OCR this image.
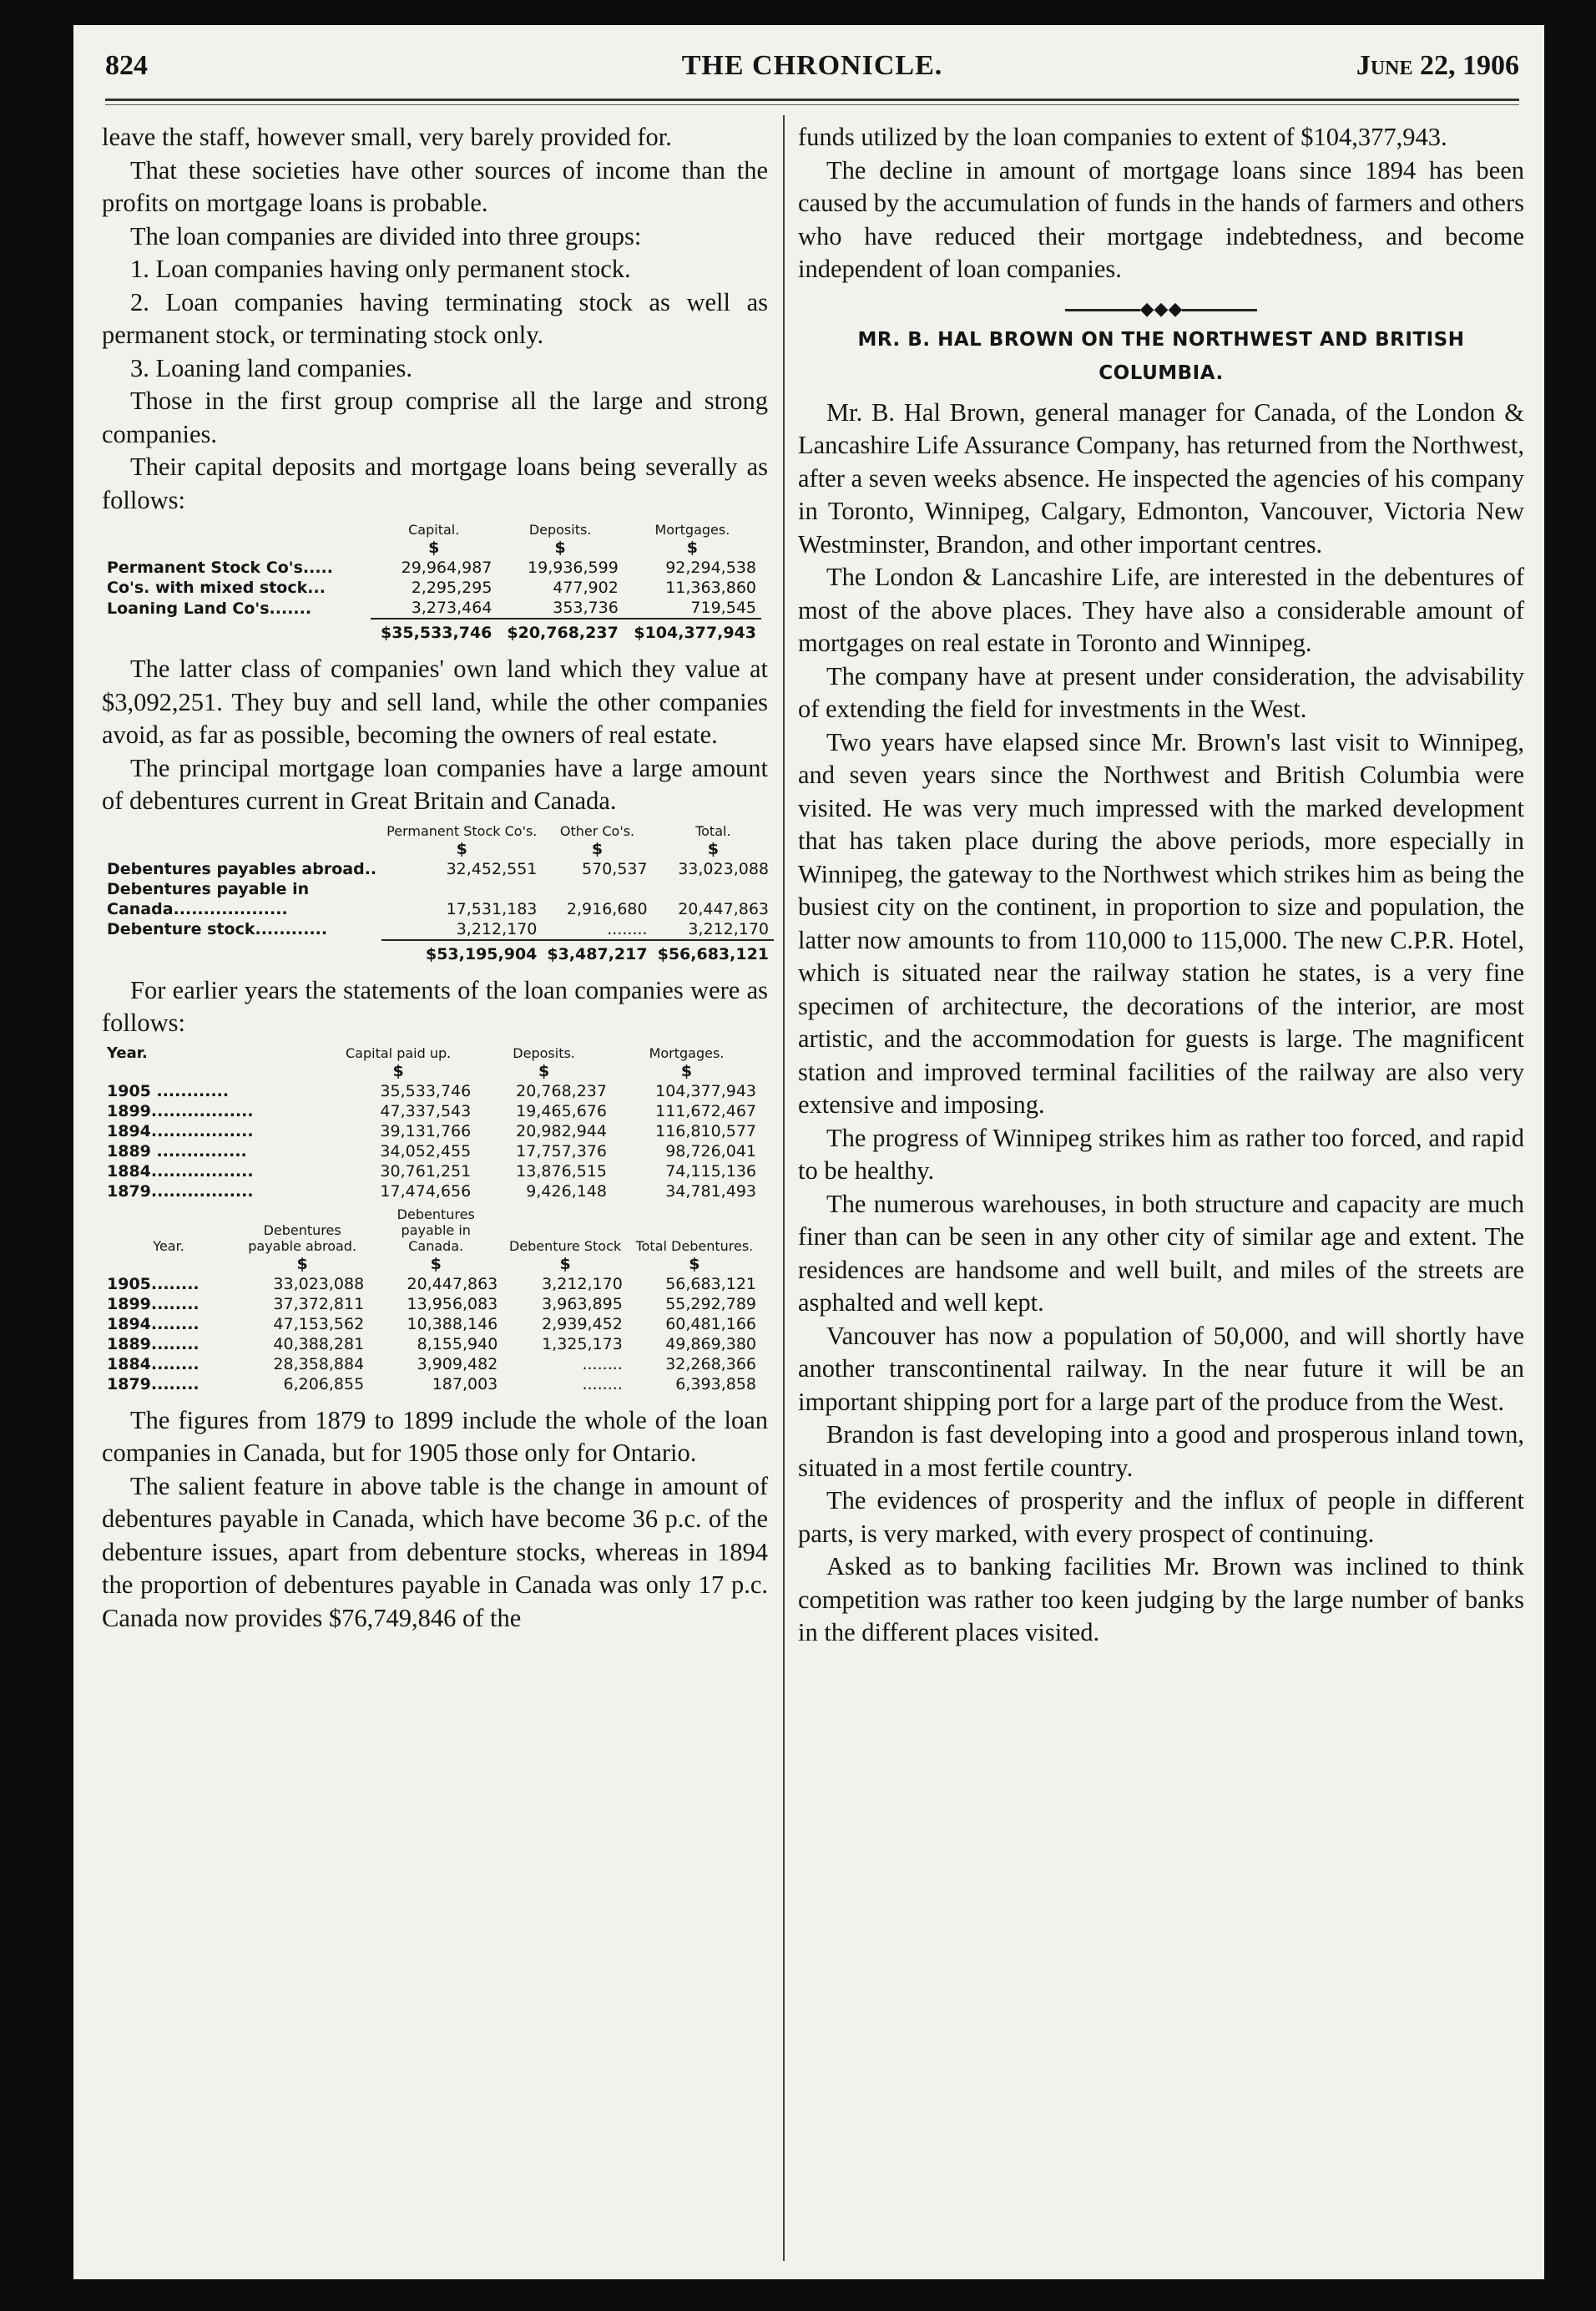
824	THE CHRONICLE.	June 22, 1906

leave the staff, however small, very barely provided for.

That these societies have other sources of income than the profits on mortgage loans is probable.

The loan companies are divided into three groups:

1. Loan companies having only permanent stock.

2. Loan companies having terminating stock as well as permanent stock, or terminating stock only.

3. Loaning land companies.

Those in the first group comprise all the large and strong companies.

Their capital deposits and mortgage loans being severally as follows:

	Capital.	Deposits.	Mortgages.
	$	$	$
Permanent Stock Co's.....	29,964,987	19,936,599	92,294,538
Co's. with mixed stock...	2,295,295	477,902	11,363,860
Loaning Land Co's.......	3,273,464	353,736	719,545
	$35,533,746	$20,768,237	$104,377,943

The latter class of companies' own land which they value at $3,092,251. They buy and sell land, while the other companies avoid, as far as possible, becoming the owners of real estate.

The principal mortgage loan companies have a large amount of debentures current in Great Britain and Canada.

	Permanent Stock Co's.	Other Co's.	Total.
	$	$	$
Debentures payables abroad..	32,452,551	570,537	33,023,088
Debentures payable in Canada...................	17,531,183	2,916,680	20,447,863
Debenture stock............	3,212,170	........	3,212,170
	$53,195,904	$3,487,217	$56,683,121

For earlier years the statements of the loan companies were as follows:

Year.	Capital paid up.	Deposits.	Mortgages.
	$	$	$
1905 ............	35,533,746	20,768,237	104,377,943
1899.................	47,337,543	19,465,676	111,672,467
1894.................	39,131,766	20,982,944	116,810,577
1889 ...............	34,052,455	17,757,376	98,726,041
1884.................	30,761,251	13,876,515	74,115,136
1879.................	17,474,656	9,426,148	34,781,493
Year.	Debentures payable abroad.	Debentures payable in Canada.	Debenture Stock	Total Debentures.
	$	$	$	$
1905........	33,023,088	20,447,863	3,212,170	56,683,121
1899........	37,372,811	13,956,083	3,963,895	55,292,789
1894........	47,153,562	10,388,146	2,939,452	60,481,166
1889........	40,388,281	8,155,940	1,325,173	49,869,380
1884........	28,358,884	3,909,482	........	32,268,366
1879........	6,206,855	187,003	........	6,393,858

The figures from 1879 to 1899 include the whole of the loan companies in Canada, but for 1905 those only for Ontario.

The salient feature in above table is the change in amount of debentures payable in Canada, which have become 36 p.c. of the debenture issues, apart from debenture stocks, whereas in 1894 the proportion of debentures payable in Canada was only 17 p.c. Canada now provides $76,749,846 of the

funds utilized by the loan companies to extent of $104,377,943.

The decline in amount of mortgage loans since 1894 has been caused by the accumulation of funds in the hands of farmers and others who have reduced their mortgage indebtedness, and become independent of loan companies.

◆◆◆
MR. B. HAL BROWN ON THE NORTHWEST AND BRITISH COLUMBIA.

Mr. B. Hal Brown, general manager for Canada, of the London & Lancashire Life Assurance Company, has returned from the Northwest, after a seven weeks absence. He inspected the agencies of his company in Toronto, Winnipeg, Calgary, Edmonton, Vancouver, Victoria New Westminster, Brandon, and other important centres.

The London & Lancashire Life, are interested in the debentures of most of the above places. They have also a considerable amount of mortgages on real estate in Toronto and Winnipeg.

The company have at present under consideration, the advisability of extending the field for investments in the West.

Two years have elapsed since Mr. Brown's last visit to Winnipeg, and seven years since the Northwest and British Columbia were visited. He was very much impressed with the marked development that has taken place during the above periods, more especially in Winnipeg, the gateway to the Northwest which strikes him as being the busiest city on the continent, in proportion to size and population, the latter now amounts to from 110,000 to 115,000. The new C.P.R. Hotel, which is situated near the railway station he states, is a very fine specimen of architecture, the decorations of the interior, are most artistic, and the accommodation for guests is large. The magnificent station and improved terminal facilities of the railway are also very extensive and imposing.

The progress of Winnipeg strikes him as rather too forced, and rapid to be healthy.

The numerous warehouses, in both structure and capacity are much finer than can be seen in any other city of similar age and extent. The residences are handsome and well built, and miles of the streets are asphalted and well kept.

Vancouver has now a population of 50,000, and will shortly have another transcontinental railway. In the near future it will be an important shipping port for a large part of the produce from the West.

Brandon is fast developing into a good and prosperous inland town, situated in a most fertile country.

The evidences of prosperity and the influx of people in different parts, is very marked, with every prospect of continuing.

Asked as to banking facilities Mr. Brown was inclined to think competition was rather too keen judging by the large number of banks in the different places visited.
